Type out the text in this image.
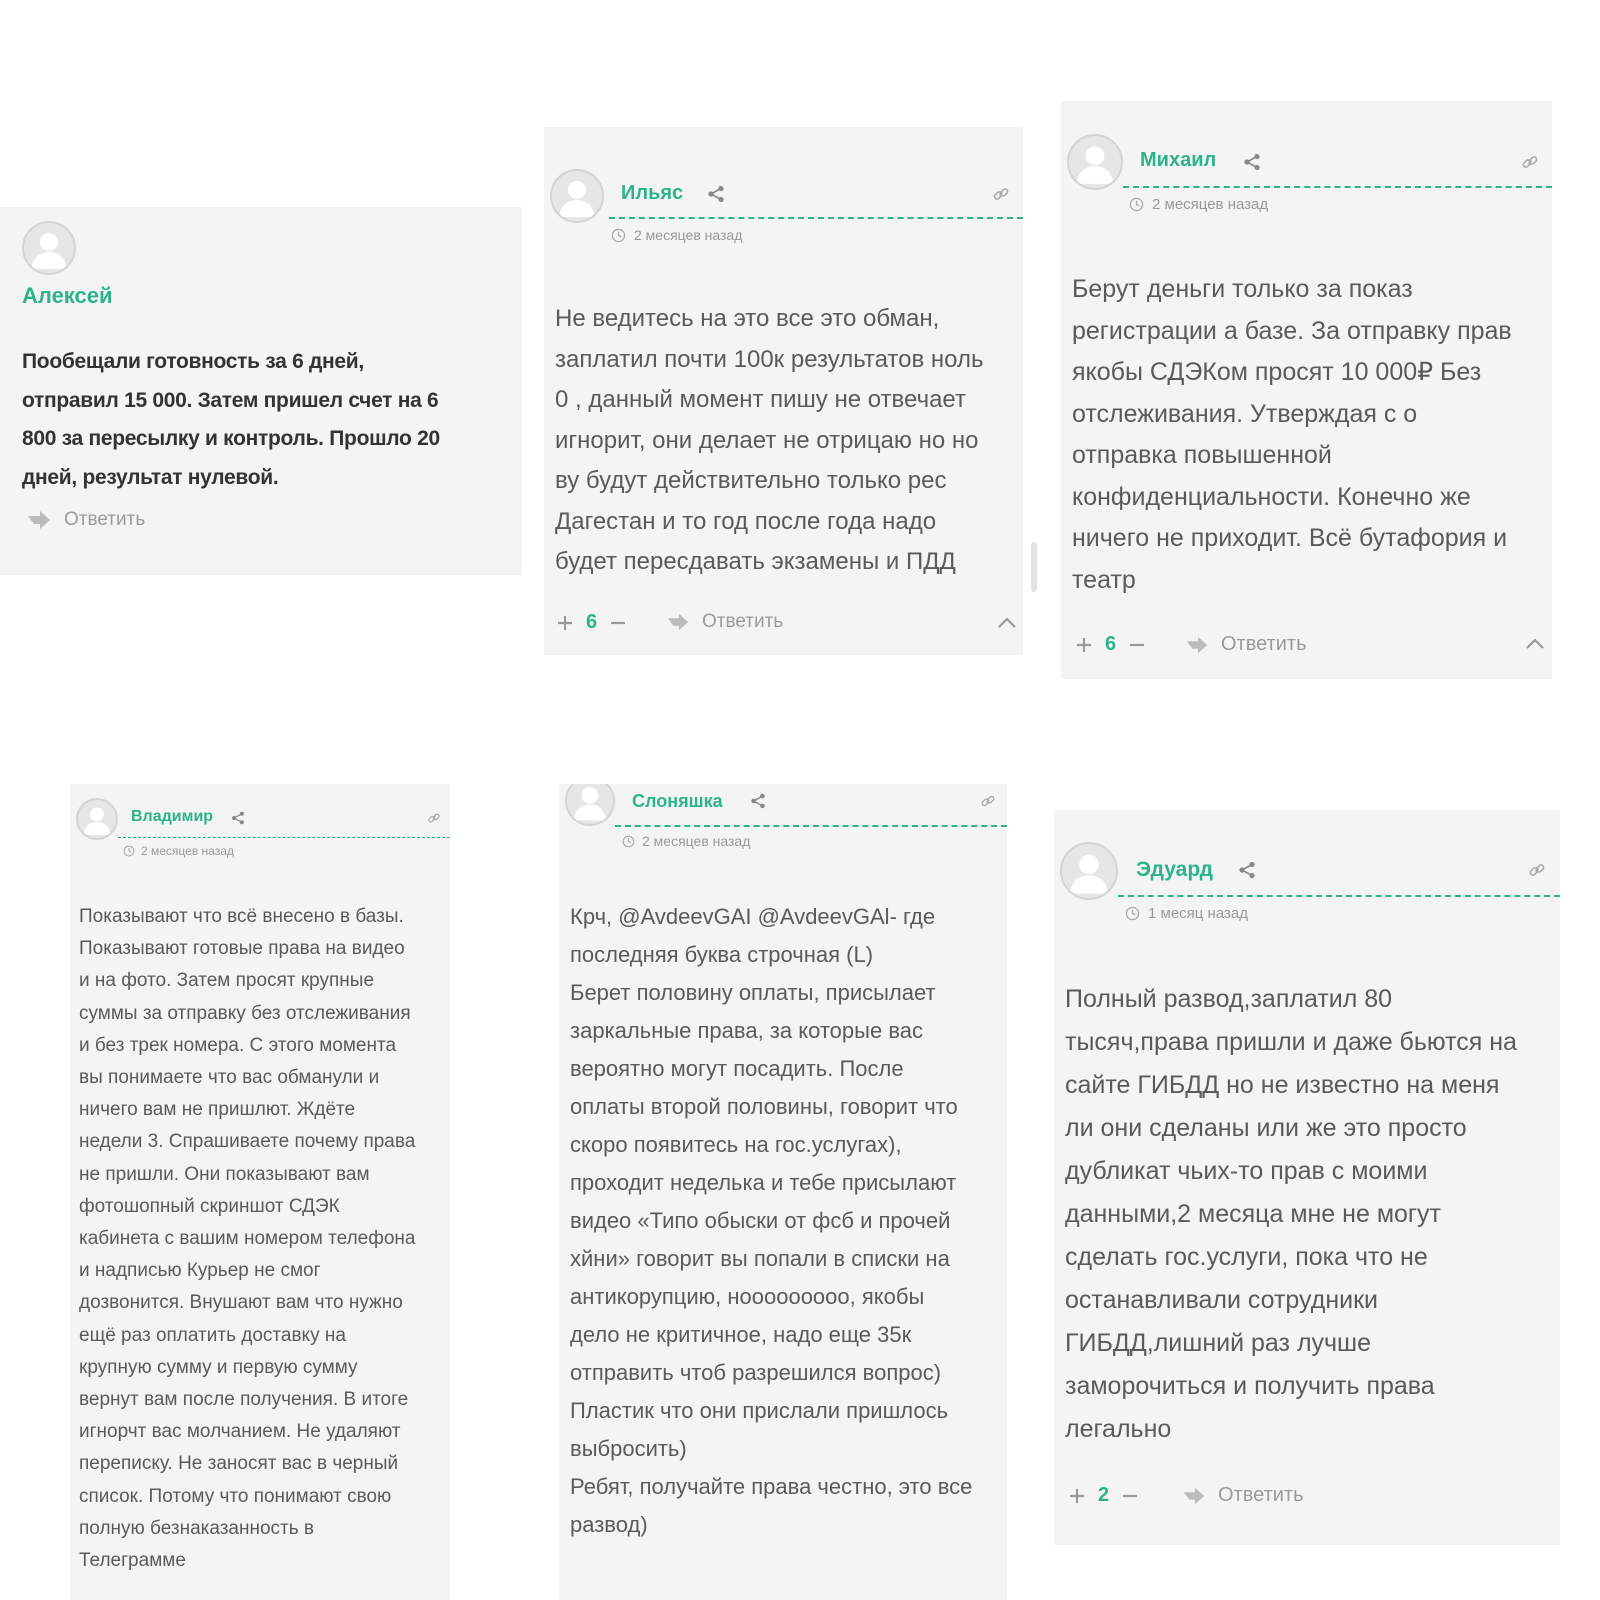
Алексей
Пообещали готовность за 6 дней,
отправил 15 000. Затем пришел счет на 6
800 за пересылку и контроль. Прошло 20
дней, результат нулевой.
Ответить
Ильяс
2 месяцев назад
Не ведитесь на это все это обман,
заплатил почти 100к результатов ноль
0 , данный момент пишу не отвечает
игнорит, они делает не отрицаю но но
ву будут действительно только рес
Дагестан и то год после года надо
будет пересдавать экзамены и ПДД
6	Ответить
Михаил
2 месяцев назад
Берут деньги только за показ
регистрации а базе. За отправку прав
якобы СДЭКом просят 10 000₽ Без
отслеживания. Утверждая с о
отправка повышенной
конфиденциальности. Конечно же
ничего не приходит. Всё бутафория и
театр
6	Ответить
Владимир
2 месяцев назад
Показывают что всё внесено в базы.
Показывают готовые права на видео
и на фото. Затем просят крупные
суммы за отправку без отслеживания
и без трек номера. С этого момента
вы понимаете что вас обманули и
ничего вам не пришлют. Ждёте
недели 3. Спрашиваете почему права
не пришли. Они показывают вам
фотошопный скриншот СДЭК
кабинета с вашим номером телефона
и надписью Курьер не смог
дозвонится. Внушают вам что нужно
ещё раз оплатить доставку на
крупную сумму и первую сумму
вернут вам после получения. В итоге
игнорчт вас молчанием. Не удаляют
переписку. Не заносят вас в черный
список. Потому что понимают свою
полную безнаказанность в
Телеграмме
Слоняшка
2 месяцев назад
Крч, @AvdeevGAI @AvdeevGAl- где
последняя буква строчная (L)
Берет половину оплаты, присылает
заркальные права, за которые вас
вероятно могут посадить. После
оплаты второй половины, говорит что
скоро появитесь на гос.услугах),
проходит неделька и тебе присылают
видео «Типо обыски от фсб и прочей
хйни» говорит вы попали в списки на
антикорупцию, нооооооооо, якобы
дело не критичное, надо еще 35к
отправить чтоб разрешился вопрос)
Пластик что они прислали пришлось
выбросить)
Ребят, получайте права честно, это все
развод)
Эдуард
1 месяц назад
Полный развод,заплатил 80
тысяч,права пришли и даже бьются на
сайте ГИБДД но не известно на меня
ли они сделаны или же это просто
дубликат чьих-то прав с моими
данными,2 месяца мне не могут
сделать гос.услуги, пока что не
останавливали сотрудники
ГИБДД,лишний раз лучше
заморочиться и получить права
легально
2	Ответить
